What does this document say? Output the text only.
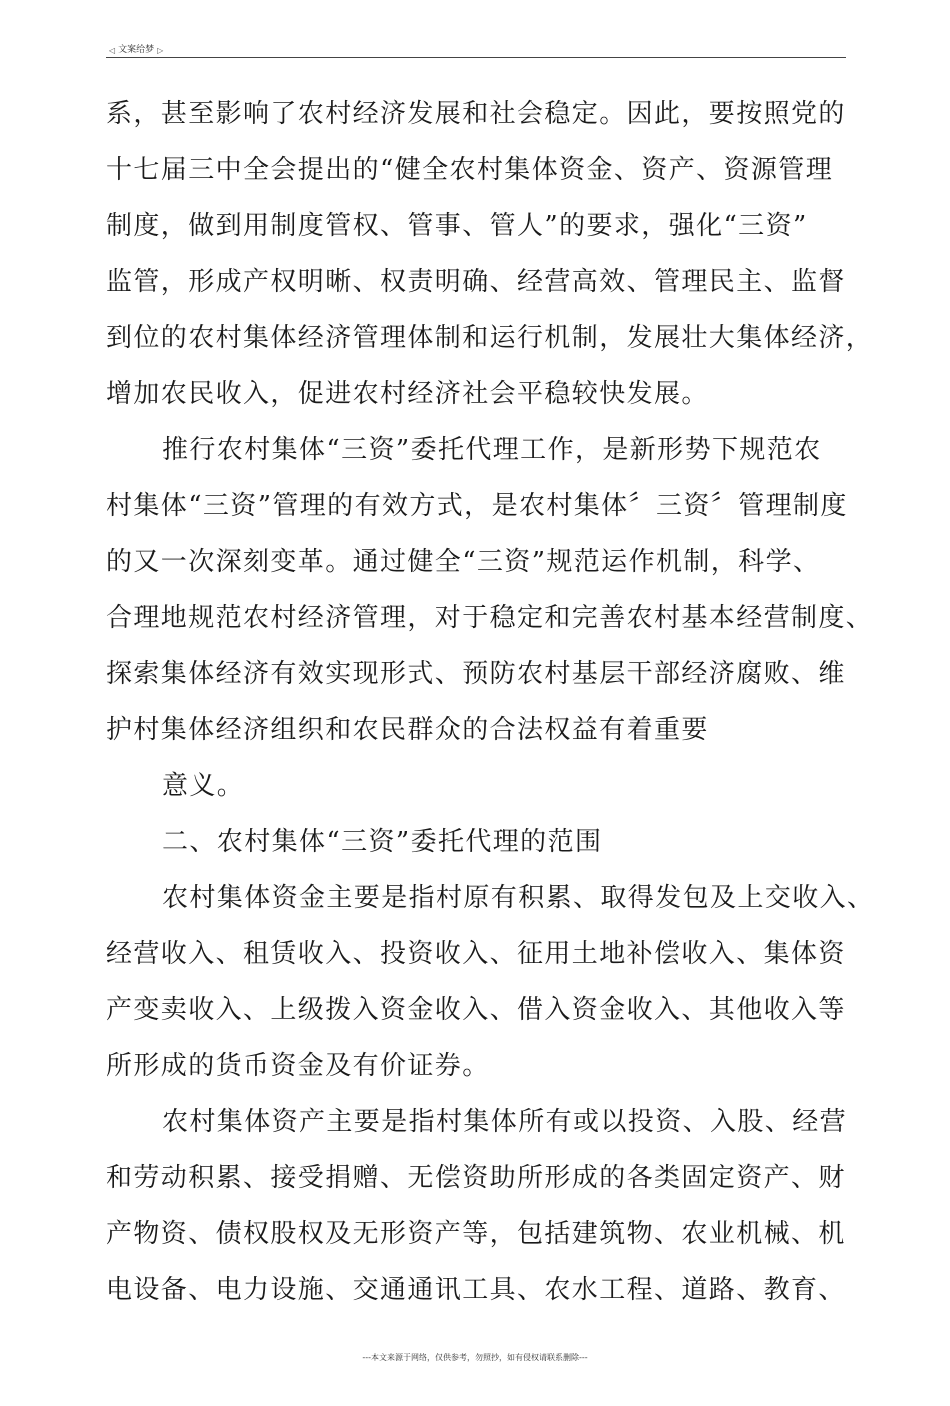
◁ 文案给梦 ▷
系，甚至影响了农村经济发展和社会稳定。因此，要按照党的
十七届三中全会提出的“健全农村集体资金、资产、资源管理
制度，做到用制度管权、管事、管人”的要求，强化“三资”
监管，形成产权明晰、权责明确、经营高效、管理民主、监督
到位的农村集体经济管理体制和运行机制，发展壮大集体经济，
增加农民收入，促进农村经济社会平稳较快发展。
推行农村集体“三资”委托代理工作，是新形势下规范农
村集体“三资”管理的有效方式，是农村集体〞三资〞管理制度
的又一次深刻变革。通过健全“三资”规范运作机制，科学、
合理地规范农村经济管理，对于稳定和完善农村基本经营制度、
探索集体经济有效实现形式、预防农村基层干部经济腐败、维
护村集体经济组织和农民群众的合法权益有着重要
意义。
二、农村集体“三资”委托代理的范围
农村集体资金主要是指村原有积累、取得发包及上交收入、
经营收入、租赁收入、投资收入、征用土地补偿收入、集体资
产变卖收入、上级拨入资金收入、借入资金收入、其他收入等
所形成的货币资金及有价证券。
农村集体资产主要是指村集体所有或以投资、入股、经营
和劳动积累、接受捐赠、无偿资助所形成的各类固定资产、财
产物资、债权股权及无形资产等，包括建筑物、农业机械、机
电设备、电力设施、交通通讯工具、农水工程、道路、教育、
---本文来源于网络，仅供参考，勿照抄，如有侵权请联系删除---
